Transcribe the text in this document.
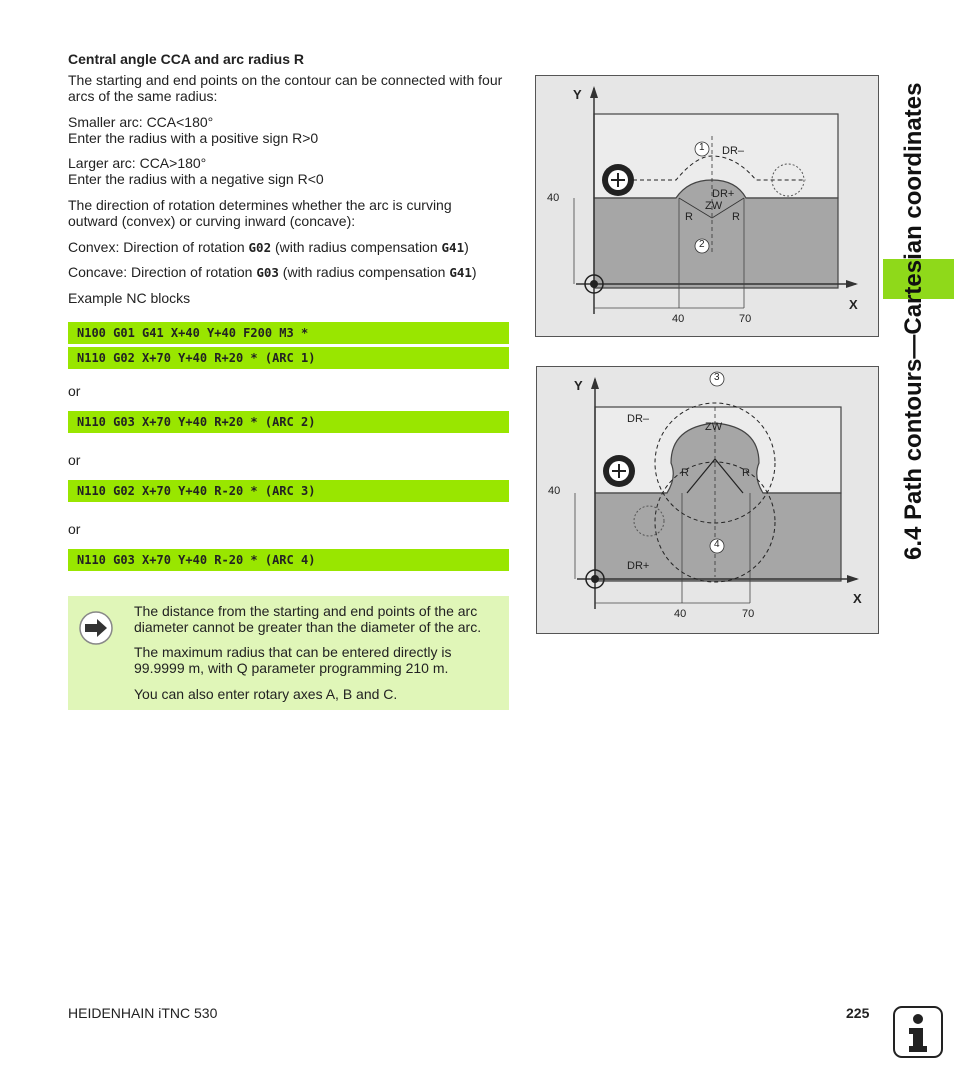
Central angle CCA and arc radius R
The starting and end points on the contour can be connected with four
arcs of the same radius:
Smaller arc: CCA<180°
Enter the radius with a positive sign R>0
Larger arc: CCA>180°
Enter the radius with a negative sign R<0
The direction of rotation determines whether the arc is curving
outward (convex) or curving inward (concave):
Convex: Direction of rotation G02 (with radius compensation G41)
Concave: Direction of rotation G03 (with radius compensation G41)
Example NC blocks
N100 G01 G41 X+40 Y+40 F200 M3 *
N110 G02 X+70 Y+40 R+20 * (ARC 1)
or
N110 G03 X+70 Y+40 R+20 * (ARC 2)
or
N110 G02 X+70 Y+40 R-20 * (ARC 3)
or
N110 G03 X+70 Y+40 R-20 * (ARC 4)
The distance from the starting and end points of the arc
diameter cannot be greater than the diameter of the arc.
The maximum radius that can be entered directly is
99.9999 m, with Q parameter programming 210 m.
You can also enter rotary axes A, B and C.
Y
X
40
40	70
1
2
DR–
DR+
ZW
R	R
Y
X
40
40	70
3
4
DR–
DR+
ZW
R	R	6.4 Path contours—Cartesian coordinates
HEIDENHAIN iTNC 530	225
